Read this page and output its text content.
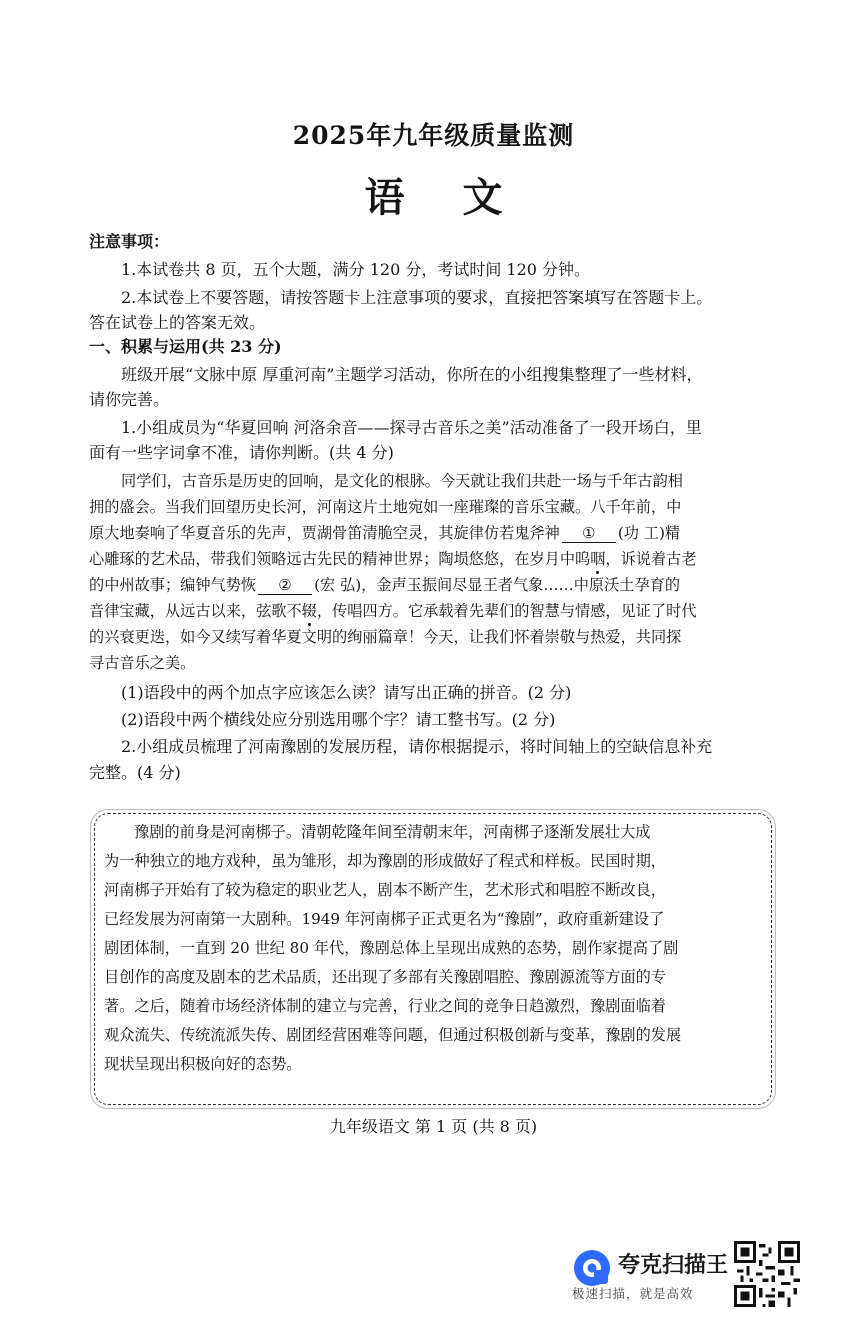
2025年九年级质量监测
语 文
注意事项：
1.本试卷共 8 页，五个大题，满分 120 分，考试时间 120 分钟。
2.本试卷上不要答题，请按答题卡上注意事项的要求，直接把答案填写在答题卡上。
答在试卷上的答案无效。
一、积累与运用(共 23 分)
班级开展“文脉中原 厚重河南”主题学习活动，你所在的小组搜集整理了一些材料，
请你完善。
1.小组成员为“华夏回响 河洛余音——探寻古音乐之美”活动准备了一段开场白，里
面有一些字词拿不准，请你判断。(共 4 分)
同学们，古音乐是历史的回响，是文化的根脉。今天就让我们共赴一场与千年古韵相
拥的盛会。当我们回望历史长河，河南这片土地宛如一座璀璨的音乐宝藏。八千年前，中
原大地奏响了华夏音乐的先声，贾湖骨笛清脆空灵，其旋律仿若鬼斧神 ① (功 工)精
心雕琢的艺术品，带我们领略远古先民的精神世界；陶埙悠悠，在岁月中呜咽，诉说着古老
的中州故事；编钟气势恢 ② (宏 弘)，金声玉振间尽显王者气象……中原沃土孕育的
音律宝藏，从远古以来，弦歌不辍，传唱四方。它承载着先辈们的智慧与情感，见证了时代
的兴衰更迭，如今又续写着华夏文明的绚丽篇章！今天，让我们怀着崇敬与热爱，共同探
寻古音乐之美。
(1)语段中的两个加点字应该怎么读？请写出正确的拼音。(2 分)
(2)语段中两个横线处应分别选用哪个字？请工整书写。(2 分)
2.小组成员梳理了河南豫剧的发展历程，请你根据提示，将时间轴上的空缺信息补充
完整。(4 分)
豫剧的前身是河南梆子。清朝乾隆年间至清朝末年，河南梆子逐渐发展壮大成
为一种独立的地方戏种，虽为雏形，却为豫剧的形成做好了程式和样板。民国时期，
河南梆子开始有了较为稳定的职业艺人，剧本不断产生，艺术形式和唱腔不断改良，
已经发展为河南第一大剧种。1949 年河南梆子正式更名为“豫剧”，政府重新建设了
剧团体制，一直到 20 世纪 80 年代，豫剧总体上呈现出成熟的态势，剧作家提高了剧
目创作的高度及剧本的艺术品质，还出现了多部有关豫剧唱腔、豫剧源流等方面的专
著。之后，随着市场经济体制的建立与完善，行业之间的竞争日趋激烈，豫剧面临着
观众流失、传统流派失传、剧团经营困难等问题，但通过积极创新与变革，豫剧的发展
现状呈现出积极向好的态势。
九年级语文 第 1 页 (共 8 页)
夸克扫描王
极速扫描，就是高效
